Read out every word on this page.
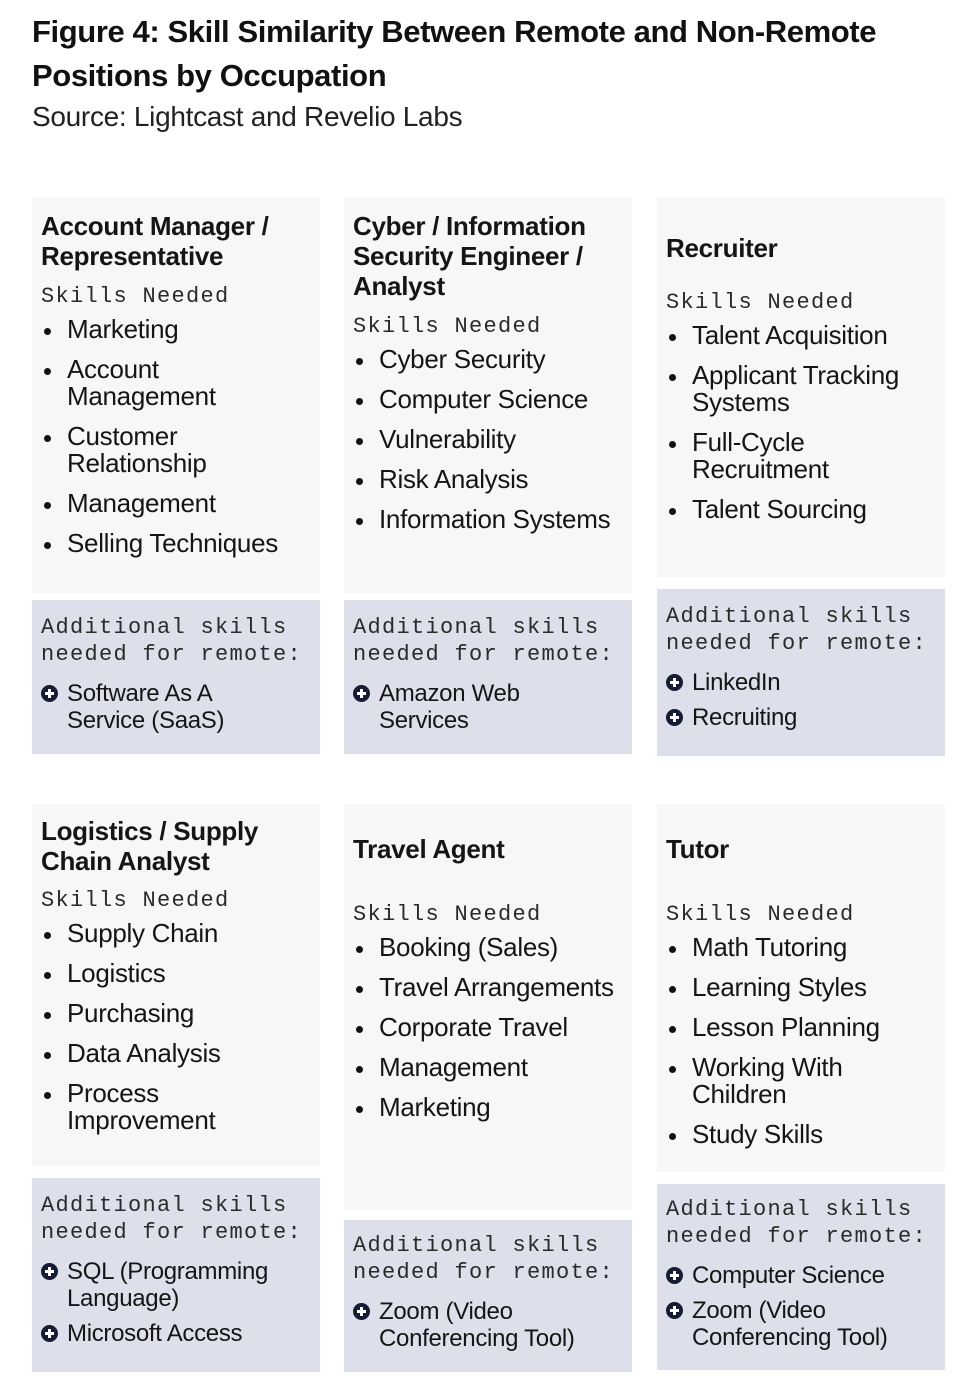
Figure 4: Skill Similarity Between Remote and Non-Remote Positions by Occupation
Source: Lightcast and Revelio Labs
Account Manager / Representative
Skills Needed
Marketing
Account Management
Customer Relationship
Management
Selling Techniques
Additional skills
needed for remote:
Software As A Service (SaaS)
Cyber / Information Security Engineer / Analyst
Skills Needed
Cyber Security
Computer Science
Vulnerability
Risk Analysis
Information Systems
Additional skills
needed for remote:
Amazon Web Services
Recruiter
Skills Needed
Talent Acquisition
Applicant Tracking Systems
Full-Cycle Recruitment
Talent Sourcing
Additional skills
needed for remote:
LinkedIn
Recruiting
Logistics / Supply Chain Analyst
Skills Needed
Supply Chain
Logistics
Purchasing
Data Analysis
Process Improvement
Additional skills
needed for remote:
SQL (Programming Language)
Microsoft Access
Travel Agent
Skills Needed
Booking (Sales)
Travel Arrangements
Corporate Travel
Management
Marketing
Additional skills
needed for remote:
Zoom (Video Conferencing Tool)
Tutor
Skills Needed
Math Tutoring
Learning Styles
Lesson Planning
Working With Children
Study Skills
Additional skills
needed for remote:
Computer Science
Zoom (Video Conferencing Tool)
